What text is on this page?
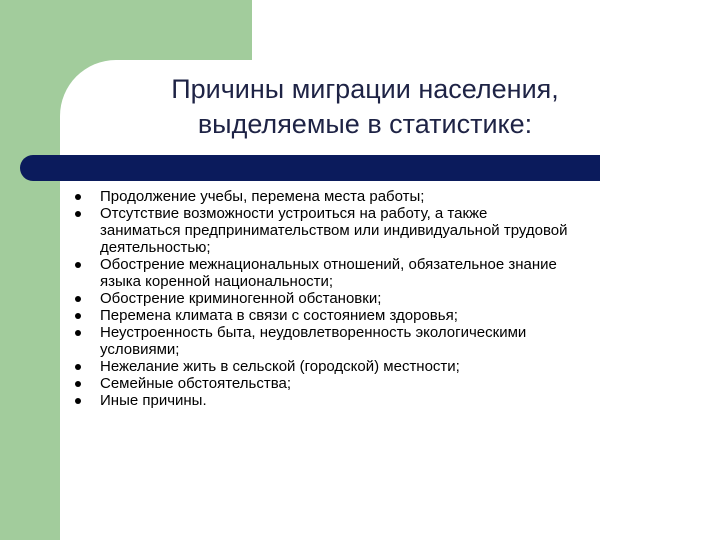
Причины миграции населения,
выделяемые в статистике:
Продолжение учебы, перемена места работы;
Отсутствие возможности устроиться на работу, а также
заниматься предпринимательством или индивидуальной трудовой
деятельностью;
Обострение межнациональных отношений, обязательное знание
языка коренной национальности;
Обострение криминогенной обстановки;
Перемена климата в связи с состоянием здоровья;
Неустроенность быта, неудовлетворенность экологическими
условиями;
Нежелание жить в сельской (городской) местности;
Семейные обстоятельства;
Иные причины.
